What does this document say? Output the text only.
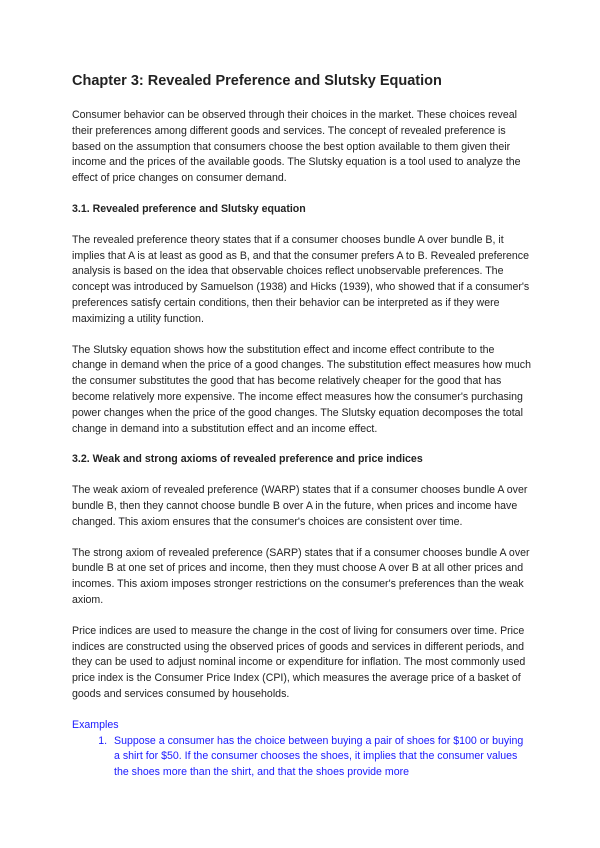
Chapter 3: Revealed Preference and Slutsky Equation

Consumer behavior can be observed through their choices in the market. These choices reveal their preferences among different goods and services. The concept of revealed preference is based on the assumption that consumers choose the best option available to them given their income and the prices of the available goods. The Slutsky equation is a tool used to analyze the effect of price changes on consumer demand.

3.1. Revealed preference and Slutsky equation

The revealed preference theory states that if a consumer chooses bundle A over bundle B, it implies that A is at least as good as B, and that the consumer prefers A to B. Revealed preference analysis is based on the idea that observable choices reflect unobservable preferences. The concept was introduced by Samuelson (1938) and Hicks (1939), who showed that if a consumer's preferences satisfy certain conditions, then their behavior can be interpreted as if they were maximizing a utility function.

The Slutsky equation shows how the substitution effect and income effect contribute to the change in demand when the price of a good changes. The substitution effect measures how much the consumer substitutes the good that has become relatively cheaper for the good that has become relatively more expensive. The income effect measures how the consumer's purchasing power changes when the price of the good changes. The Slutsky equation decomposes the total change in demand into a substitution effect and an income effect.

3.2. Weak and strong axioms of revealed preference and price indices

The weak axiom of revealed preference (WARP) states that if a consumer chooses bundle A over bundle B, then they cannot choose bundle B over A in the future, when prices and income have changed. This axiom ensures that the consumer's choices are consistent over time.

The strong axiom of revealed preference (SARP) states that if a consumer chooses bundle A over bundle B at one set of prices and income, then they must choose A over B at all other prices and incomes. This axiom imposes stronger restrictions on the consumer's preferences than the weak axiom.

Price indices are used to measure the change in the cost of living for consumers over time. Price indices are constructed using the observed prices of goods and services in different periods, and they can be used to adjust nominal income or expenditure for inflation. The most commonly used price index is the Consumer Price Index (CPI), which measures the average price of a basket of goods and services consumed by households.

Examples
1. Suppose a consumer has the choice between buying a pair of shoes for $100 or buying a shirt for $50. If the consumer chooses the shoes, it implies that the consumer values the shoes more than the shirt, and that the shoes provide more
